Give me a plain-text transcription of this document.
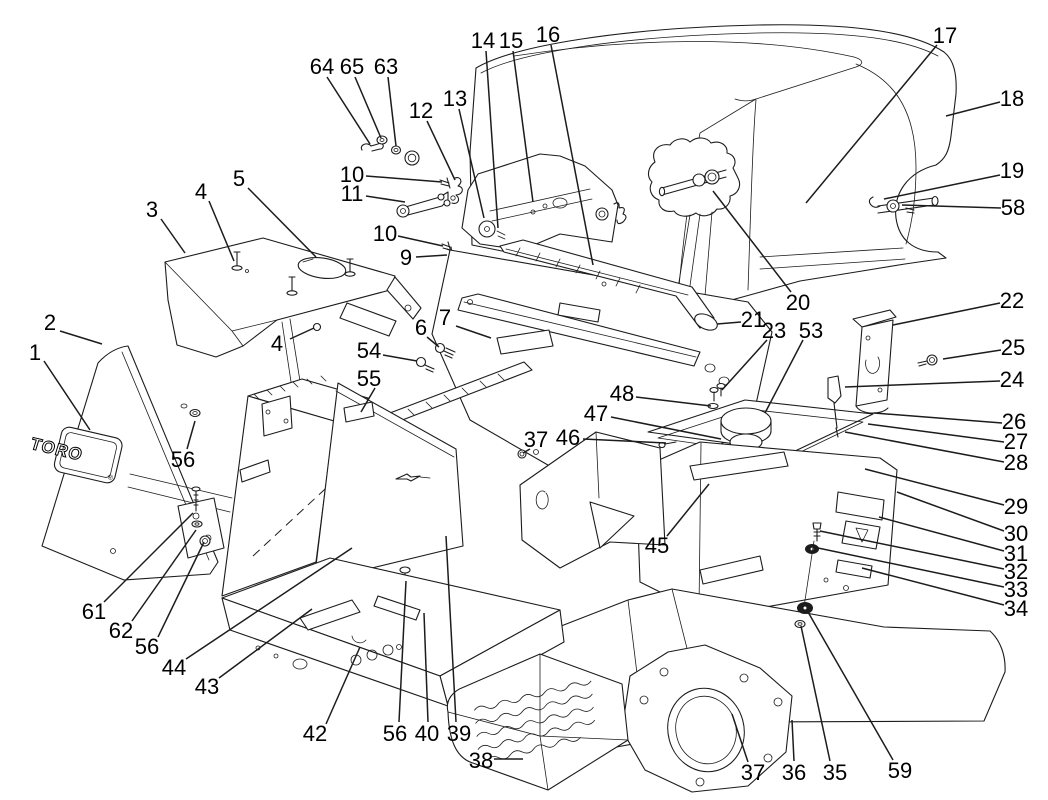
TORO
®
1
2
3
4
5
4
6 7
54
55
64 65 63
12 13
14 15 16
10
11
10
9
17
18
19
58
20
21
23 53
22
25
24
26
27
28
29
30
31
32
33
34
48
47
46
37
45
56
61
62
56
44
43
42	56 40 39
38	37 36 35 59
